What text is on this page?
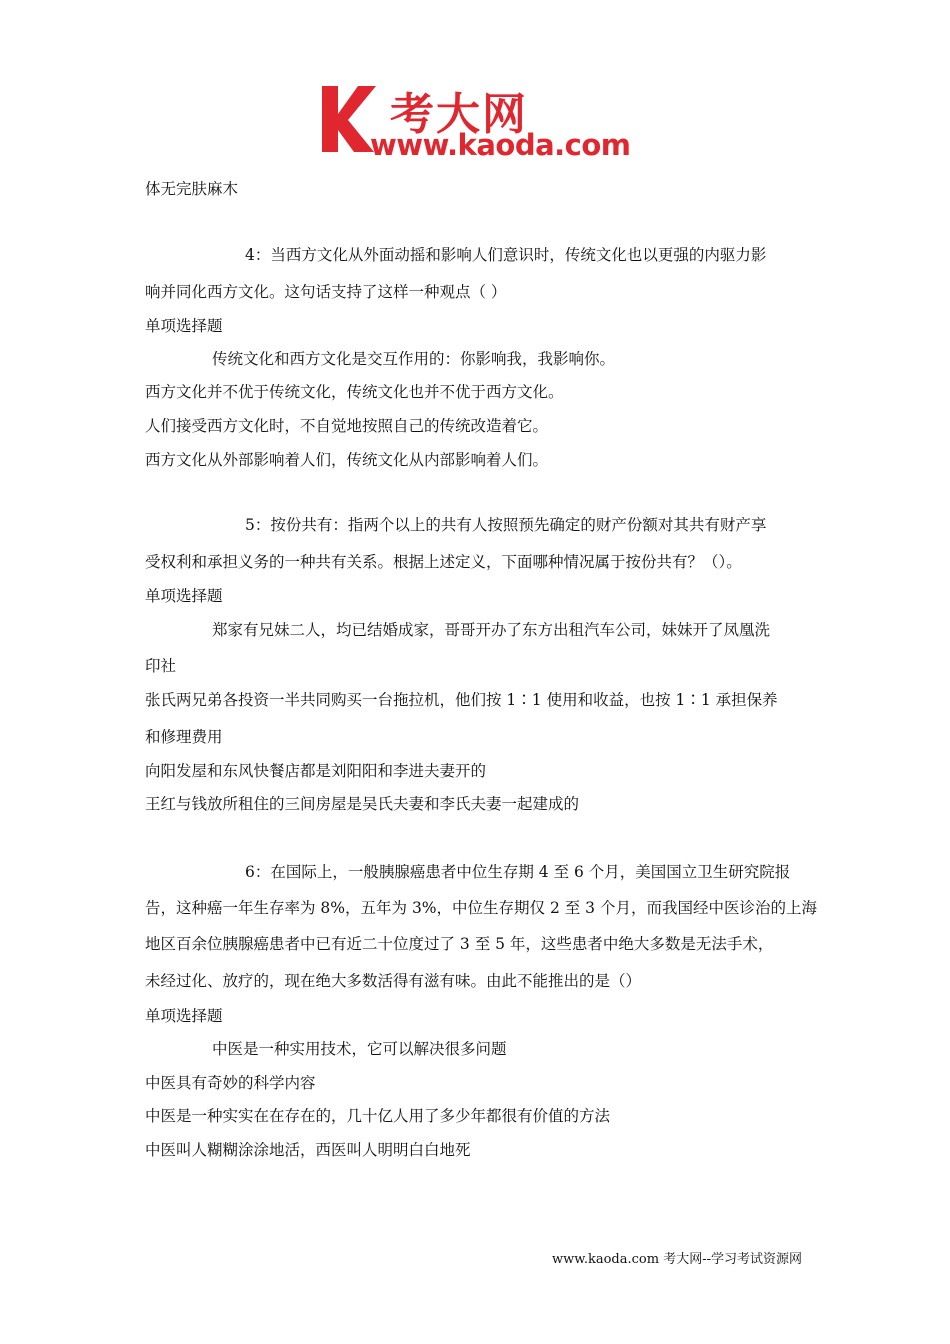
考大网
www.kaoda.com
体无完肤麻木
4：当西方文化从外面动摇和影响人们意识时，传统文化也以更强的内驱力影
响并同化西方文化。这句话支持了这样一种观点（ ）
单项选择题
传统文化和西方文化是交互作用的：你影响我，我影响你。
西方文化并不优于传统文化，传统文化也并不优于西方文化。
人们接受西方文化时，不自觉地按照自己的传统改造着它。
西方文化从外部影响着人们，传统文化从内部影响着人们。
5：按份共有：指两个以上的共有人按照预先确定的财产份额对其共有财产享
受权利和承担义务的一种共有关系。根据上述定义，下面哪种情况属于按份共有？（）。
单项选择题
郑家有兄妹二人，均已结婚成家，哥哥开办了东方出租汽车公司，妹妹开了凤凰洗
印社
张氏两兄弟各投资一半共同购买一台拖拉机，他们按 1∶1 使用和收益，也按 1∶1 承担保养
和修理费用
向阳发屋和东风快餐店都是刘阳阳和李进夫妻开的
王红与钱放所租住的三间房屋是吴氏夫妻和李氏夫妻一起建成的
6：在国际上，一般胰腺癌患者中位生存期 4 至 6 个月，美国国立卫生研究院报
告，这种癌一年生存率为 8%，五年为 3%，中位生存期仅 2 至 3 个月，而我国经中医诊治的上海
地区百余位胰腺癌患者中已有近二十位度过了 3 至 5 年，这些患者中绝大多数是无法手术，
未经过化、放疗的，现在绝大多数活得有滋有味。由此不能推出的是（）
单项选择题
中医是一种实用技术，它可以解决很多问题
中医具有奇妙的科学内容
中医是一种实实在在存在的，几十亿人用了多少年都很有价值的方法
中医叫人糊糊涂涂地活，西医叫人明明白白地死
www.kaoda.com 考大网--学习考试资源网
